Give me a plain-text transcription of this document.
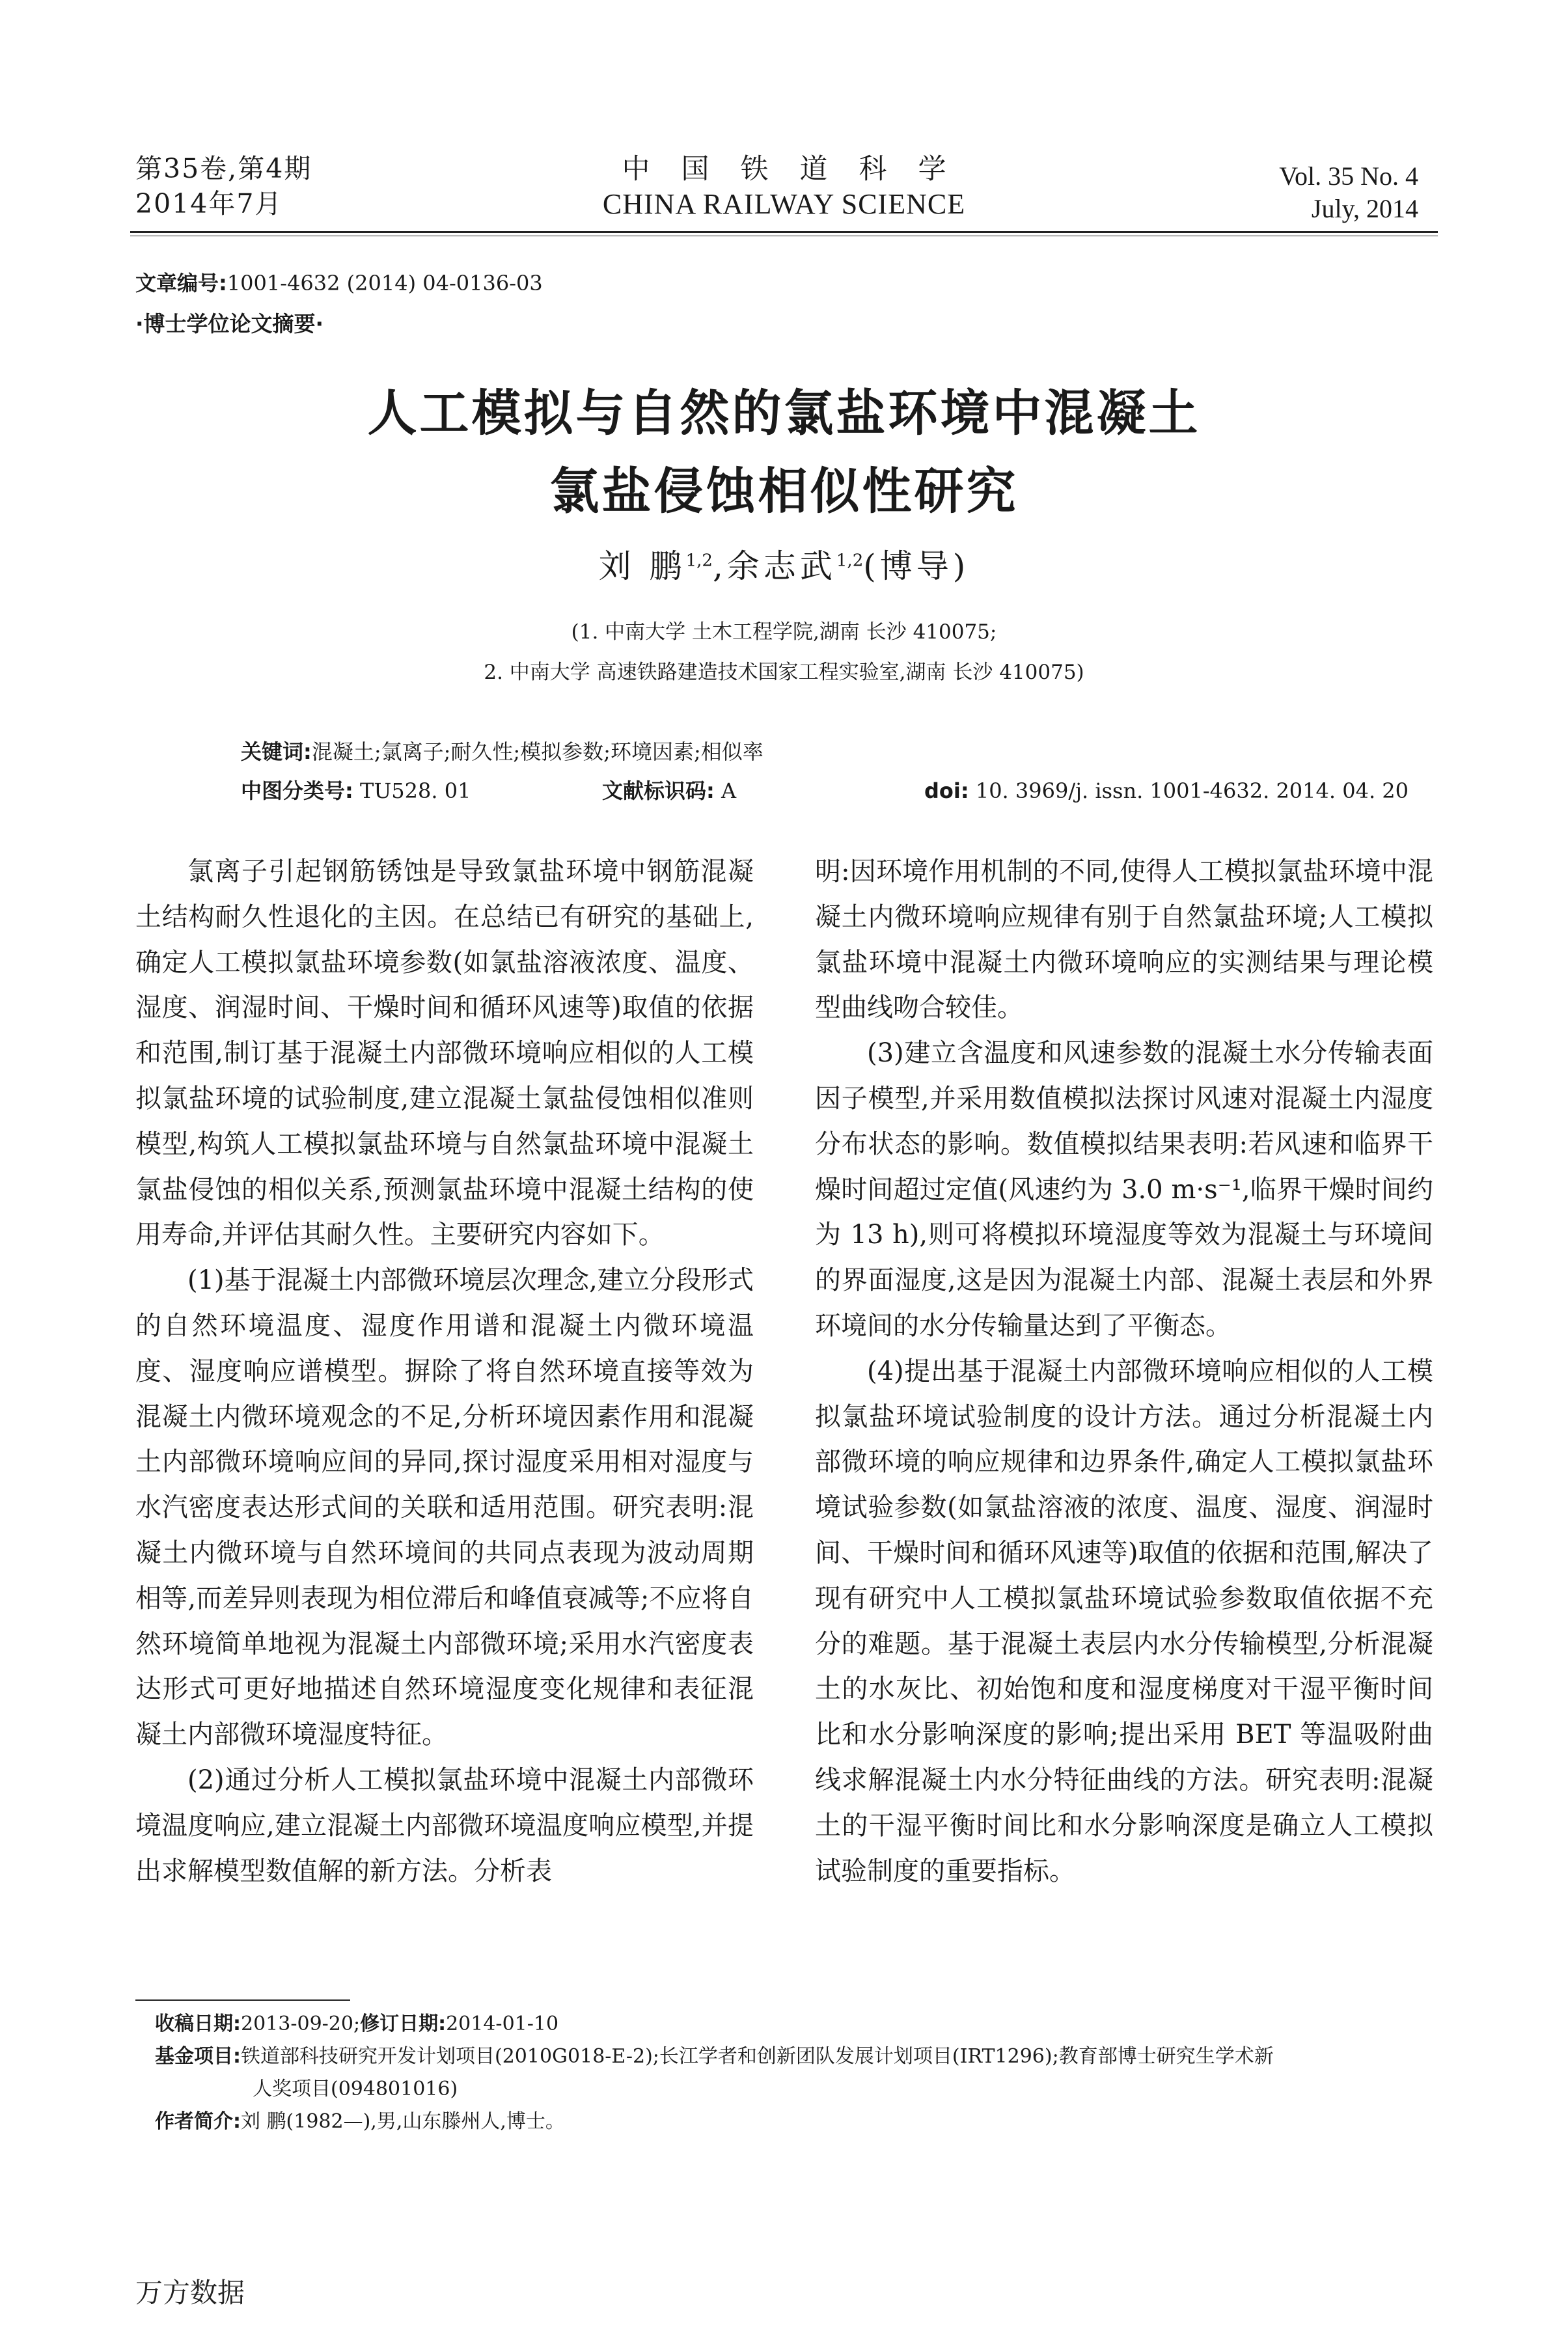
第35卷,第4期
2014年7月
中国铁道科学
CHINA RAILWAY SCIENCE
Vol. 35 No. 4
July, 2014
文章编号:1001-4632 (2014) 04-0136-03
·博士学位论文摘要·
人工模拟与自然的氯盐环境中混凝土
氯盐侵蚀相似性研究
刘 鹏$^{1,2}$,余志武$^{1,2}$(博导)
(1. 中南大学 土木工程学院,湖南 长沙 410075;
2. 中南大学 高速铁路建造技术国家工程实验室,湖南 长沙 410075)
关键词:混凝土;氯离子;耐久性;模拟参数;环境因素;相似率
中图分类号: TU528. 01	文献标识码: A	doi: 10. 3969/j. issn. 1001-4632. 2014. 04. 20

氯离子引起钢筋锈蚀是导致氯盐环境中钢筋混凝土结构耐久性退化的主因。在总结已有研究的基础上,确定人工模拟氯盐环境参数(如氯盐溶液浓度、温度、湿度、润湿时间、干燥时间和循环风速等)取值的依据和范围,制订基于混凝土内部微环境响应相似的人工模拟氯盐环境的试验制度,建立混凝土氯盐侵蚀相似准则模型,构筑人工模拟氯盐环境与自然氯盐环境中混凝土氯盐侵蚀的相似关系,预测氯盐环境中混凝土结构的使用寿命,并评估其耐久性。主要研究内容如下。

(1)基于混凝土内部微环境层次理念,建立分段形式的自然环境温度、湿度作用谱和混凝土内微环境温度、湿度响应谱模型。摒除了将自然环境直接等效为混凝土内微环境观念的不足,分析环境因素作用和混凝土内部微环境响应间的异同,探讨湿度采用相对湿度与水汽密度表达形式间的关联和适用范围。研究表明:混凝土内微环境与自然环境间的共同点表现为波动周期相等,而差异则表现为相位滞后和峰值衰减等;不应将自然环境简单地视为混凝土内部微环境;采用水汽密度表达形式可更好地描述自然环境湿度变化规律和表征混凝土内部微环境湿度特征。

(2)通过分析人工模拟氯盐环境中混凝土内部微环境温度响应,建立混凝土内部微环境温度响应模型,并提出求解模型数值解的新方法。分析表

明:因环境作用机制的不同,使得人工模拟氯盐环境中混凝土内微环境响应规律有别于自然氯盐环境;人工模拟氯盐环境中混凝土内微环境响应的实测结果与理论模型曲线吻合较佳。

(3)建立含温度和风速参数的混凝土水分传输表面因子模型,并采用数值模拟法探讨风速对混凝土内湿度分布状态的影响。数值模拟结果表明:若风速和临界干燥时间超过定值(风速约为 3.0 m·s⁻¹,临界干燥时间约为 13 h),则可将模拟环境湿度等效为混凝土与环境间的界面湿度,这是因为混凝土内部、混凝土表层和外界环境间的水分传输量达到了平衡态。

(4)提出基于混凝土内部微环境响应相似的人工模拟氯盐环境试验制度的设计方法。通过分析混凝土内部微环境的响应规律和边界条件,确定人工模拟氯盐环境试验参数(如氯盐溶液的浓度、温度、湿度、润湿时间、干燥时间和循环风速等)取值的依据和范围,解决了现有研究中人工模拟氯盐环境试验参数取值依据不充分的难题。基于混凝土表层内水分传输模型,分析混凝土的水灰比、初始饱和度和湿度梯度对干湿平衡时间比和水分影响深度的影响;提出采用 BET 等温吸附曲线求解混凝土内水分特征曲线的方法。研究表明:混凝土的干湿平衡时间比和水分影响深度是确立人工模拟试验制度的重要指标。

收稿日期: 2013-09-20; 修订日期: 2014-01-10
基金项目: 铁道部科技研究开发计划项目(2010G018-E-2);长江学者和创新团队发展计划项目(IRT1296);教育部博士研究生学术新
人奖项目(094801016)
作者简介: 刘 鹏(1982—),男,山东滕州人,博士。
万方数据
